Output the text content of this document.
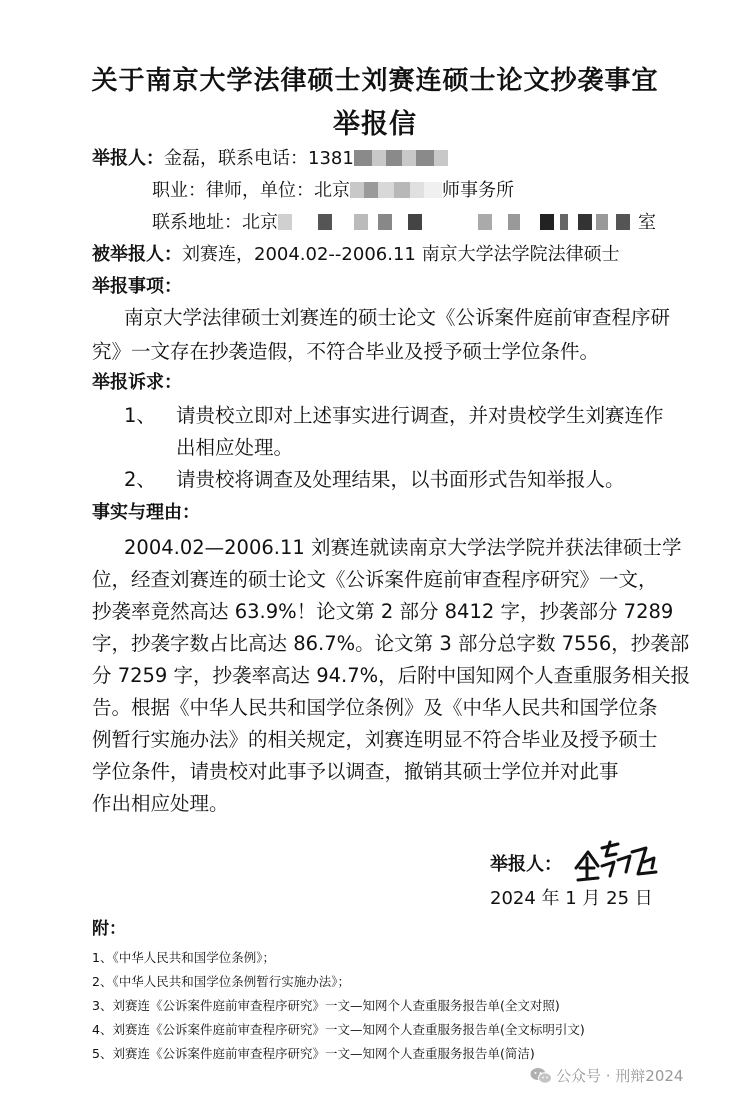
关于南京大学法律硕士刘赛连硕士论文抄袭事宜
举报信
举报人：金磊，联系电话：1381
职业：律师，单位：北京	师事务所
联系地址：北京	室
被举报人：刘赛连，2004.02--2006.11 南京大学法学院法律硕士
举报事项：
南京大学法律硕士刘赛连的硕士论文《公诉案件庭前审查程序研
究》一文存在抄袭造假，不符合毕业及授予硕士学位条件。
举报诉求：
1、 请贵校立即对上述事实进行调查，并对贵校学生刘赛连作
出相应处理。
2、 请贵校将调查及处理结果，以书面形式告知举报人。
事实与理由：
2004.02—2006.11 刘赛连就读南京大学法学院并获法律硕士学
位，经查刘赛连的硕士论文《公诉案件庭前审查程序研究》一文，
抄袭率竟然高达 63.9%！论文第 2 部分 8412 字，抄袭部分 7289
字，抄袭字数占比高达 86.7%。论文第 3 部分总字数 7556，抄袭部
分 7259 字，抄袭率高达 94.7%，后附中国知网个人查重服务相关报
告。根据《中华人民共和国学位条例》及《中华人民共和国学位条
例暂行实施办法》的相关规定，刘赛连明显不符合毕业及授予硕士
学位条件，请贵校对此事予以调查，撤销其硕士学位并对此事
作出相应处理。
举报人：
2024 年 1 月 25 日
附：
1、《中华人民共和国学位条例》；
2、《中华人民共和国学位条例暂行实施办法》；
3、刘赛连《公诉案件庭前审查程序研究》一文—知网个人查重服务报告单(全文对照)
4、刘赛连《公诉案件庭前审查程序研究》一文—知网个人查重服务报告单(全文标明引文)
5、刘赛连《公诉案件庭前审查程序研究》一文—知网个人查重服务报告单(简洁)
公众号 · 刑辩2024
